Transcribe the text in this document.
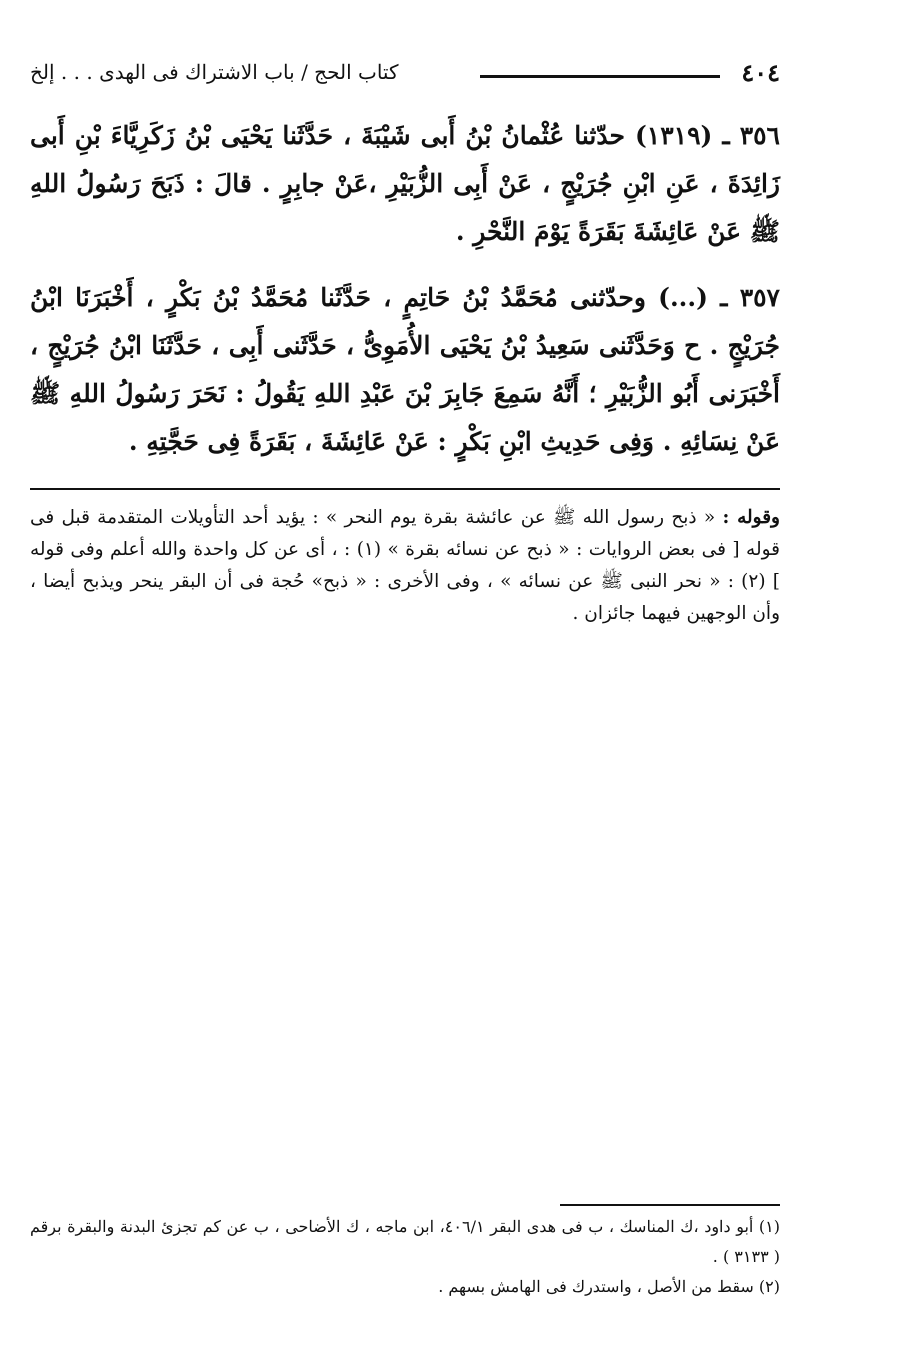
٤٠٤
كتاب الحج / باب الاشتراك فى الهدى . . . إلخ

٣٥٦ ـ (١٣١٩) حدّثنا عُثْمانُ بْنُ أَبى شَيْبَةَ ، حَدَّثَنا يَحْيَى بْنُ زَكَرِيَّاءَ بْنِ أَبى زَائِدَةَ ، عَنِ ابْنِ جُرَيْجٍ ، عَنْ أَبِى الزُّبَيْرِ ،عَنْ جابِرٍ . قالَ : ذَبَحَ رَسُولُ اللهِ ﷺ عَنْ عَائِشَةَ بَقَرَةً يَوْمَ النَّحْرِ .

٣٥٧ ـ (...) وحدّثنى مُحَمَّدُ بْنُ حَاتِمٍ ، حَدَّثَنا مُحَمَّدُ بْنُ بَكْرٍ ، أَخْبَرَنَا ابْنُ جُرَيْجٍ . ح وَحَدَّثَنى سَعِيدُ بْنُ يَحْيَى الأُمَوِىُّ ، حَدَّثَنى أَبِى ، حَدَّثَنَا ابْنُ جُرَيْجٍ ، أَخْبَرَنى أَبُو الزُّبَيْرِ ؛ أَنَّهُ سَمِعَ جَابِرَ بْنَ عَبْدِ اللهِ يَقُولُ : نَحَرَ رَسُولُ اللهِ ﷺ عَنْ نِسَائِهِ . وَفِى حَدِيثِ ابْنِ بَكْرٍ : عَنْ عَائِشَةَ ، بَقَرَةً فِى حَجَّتِهِ .

وقوله : « ذبح رسول الله ﷺ عن عائشة بقرة يوم النحر » : يؤيد أحد التأويلات المتقدمة قبل فى قوله [ فى بعض الروايات : « ذبح عن نسائه بقرة » (١) : ، أى عن كل واحدة والله أعلم وفى قوله ] (٢) : « نحر النبى ﷺ عن نسائه » ، وفى الأخرى : « ذبح» حُجة فى أن البقر ينحر ويذبح أيضا ، وأن الوجهين فيهما جائزان .

(١) أبو داود ،ك المناسك ، ب فى هدى البقر ٤٠٦/١، ابن ماجه ، ك الأضاحى ، ب عن كم تجزئ البدنة والبقرة برقم ( ٣١٣٣ ) .

(٢) سقط من الأصل ، واستدرك فى الهامش بسهم .
